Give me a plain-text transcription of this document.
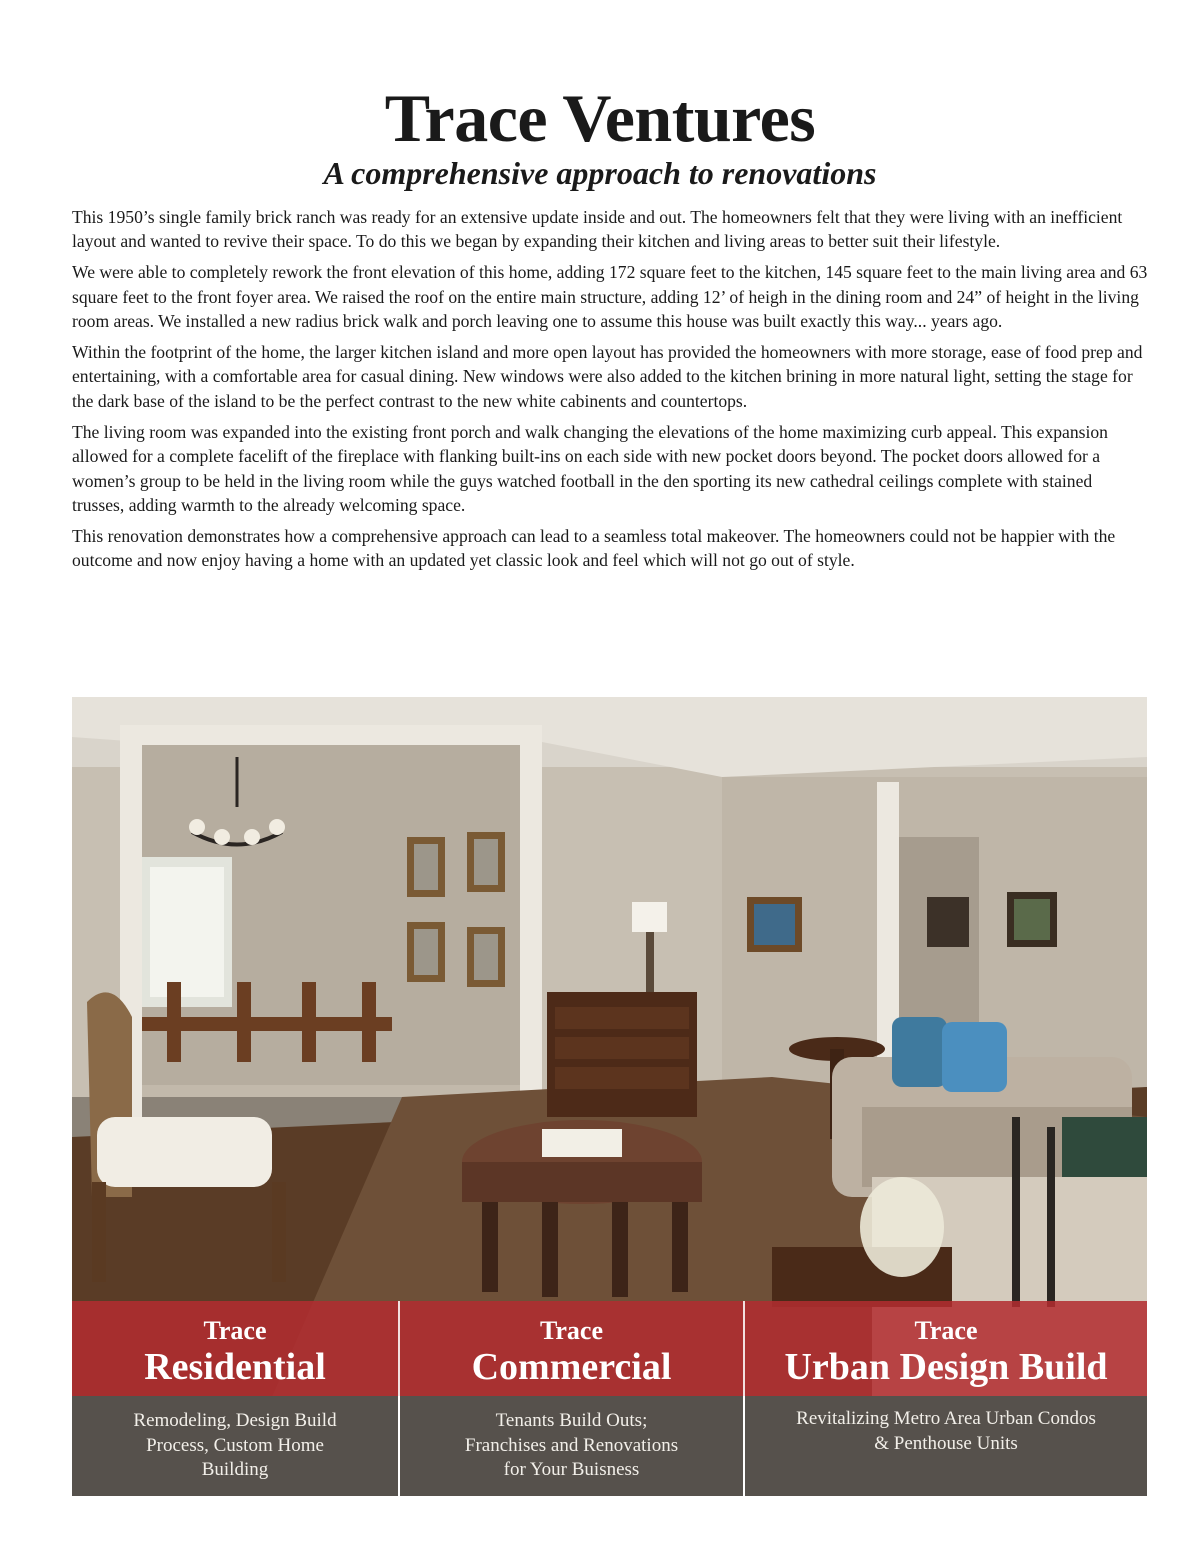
Trace Ventures
A comprehensive approach to renovations

This 1950’s single family brick ranch was ready for an extensive update inside and out. The homeowners felt that they were living with an inefficient layout and wanted to revive their space. To do this we began by expanding their kitchen and living areas to better suit their lifestyle.

We were able to completely rework the front elevation of this home, adding 172 square feet to the kitchen, 145 square feet to the main living area and 63 square feet to the front foyer area. We raised the roof on the entire main structure, adding 12’ of heigh in the dining room and 24” of height in the living room areas. We installed a new radius brick walk and porch leaving one to assume this house was built exactly this way... years ago.

Within the footprint of the home, the larger kitchen island and more open layout has provided the homeowners with more storage, ease of food prep and entertaining, with a comfortable area for casual dining. New windows were also added to the kitchen brining in more natural light, setting the stage for the dark base of the island to be the perfect contrast to the new white cabinents and countertops.

The living room was expanded into the existing front porch and walk changing the elevations of the home maximizing curb appeal. This expansion allowed for a complete facelift of the fireplace with flanking built-ins on each side with new pocket doors beyond. The pocket doors allowed for a women’s group to be held in the living room while the guys watched football in the den sporting its new cathedral ceilings complete with stained trusses, adding warmth to the already welcoming space.

This renovation demonstrates how a comprehensive approach can lead to a seamless total makeover. The homeowners could not be happier with the outcome and now enjoy having a home with an updated yet classic look and feel which will not go out of style.

Trace
Residential
Trace
Commercial
Trace
Urban Design Build
Remodeling, Design Build
Process, Custom Home
Building
Tenants Build Outs;
Franchises and Renovations
for Your Buisness
Revitalizing Metro Area Urban Condos
& Penthouse Units
